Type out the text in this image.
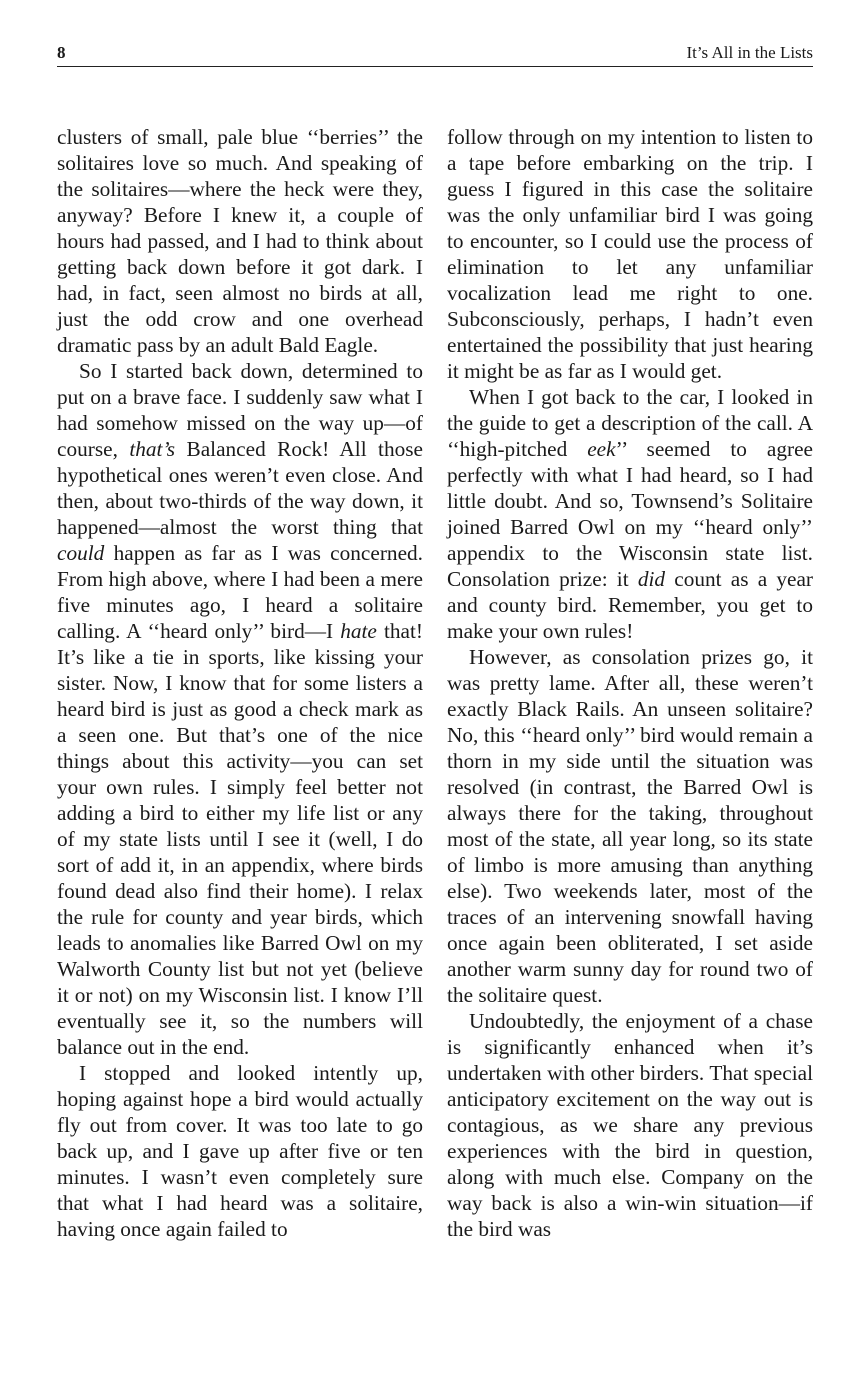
8	It’s All in the Lists

clusters of small, pale blue ‘‘berries’’ the solitaires love so much. And speaking of the solitaires—where the heck were they, anyway? Before I knew it, a couple of hours had passed, and I had to think about getting back down before it got dark. I had, in fact, seen almost no birds at all, just the odd crow and one overhead dramatic pass by an adult Bald Eagle.

So I started back down, determined to put on a brave face. I suddenly saw what I had somehow missed on the way up—of course, that’s Balanced Rock! All those hypothetical ones weren’t even close. And then, about two-thirds of the way down, it happened—almost the worst thing that could happen as far as I was concerned. From high above, where I had been a mere five minutes ago, I heard a solitaire calling. A ‘‘heard only’’ bird—I hate that! It’s like a tie in sports, like kissing your sister. Now, I know that for some listers a heard bird is just as good a check mark as a seen one. But that’s one of the nice things about this activity—you can set your own rules. I simply feel better not adding a bird to either my life list or any of my state lists until I see it (well, I do sort of add it, in an appendix, where birds found dead also find their home). I relax the rule for county and year birds, which leads to anomalies like Barred Owl on my Walworth County list but not yet (believe it or not) on my Wisconsin list. I know I’ll eventually see it, so the numbers will balance out in the end.

I stopped and looked intently up, hoping against hope a bird would actually fly out from cover. It was too late to go back up, and I gave up after five or ten minutes. I wasn’t even completely sure that what I had heard was a solitaire, having once again failed to

follow through on my intention to listen to a tape before embarking on the trip. I guess I figured in this case the solitaire was the only unfamiliar bird I was going to encounter, so I could use the process of elimination to let any unfamiliar vocalization lead me right to one. Subconsciously, perhaps, I hadn’t even entertained the possibility that just hearing it might be as far as I would get.

When I got back to the car, I looked in the guide to get a description of the call. A ‘‘high-pitched eek’’ seemed to agree perfectly with what I had heard, so I had little doubt. And so, Townsend’s Solitaire joined Barred Owl on my ‘‘heard only’’ appendix to the Wisconsin state list. Consolation prize: it did count as a year and county bird. Remember, you get to make your own rules!

However, as consolation prizes go, it was pretty lame. After all, these weren’t exactly Black Rails. An unseen solitaire? No, this ‘‘heard only’’ bird would remain a thorn in my side until the situation was resolved (in contrast, the Barred Owl is always there for the taking, throughout most of the state, all year long, so its state of limbo is more amusing than anything else). Two weekends later, most of the traces of an intervening snowfall having once again been obliterated, I set aside another warm sunny day for round two of the solitaire quest.

Undoubtedly, the enjoyment of a chase is significantly enhanced when it’s undertaken with other birders. That special anticipatory excitement on the way out is contagious, as we share any previous experiences with the bird in question, along with much else. Company on the way back is also a win-win situation—if the bird was
